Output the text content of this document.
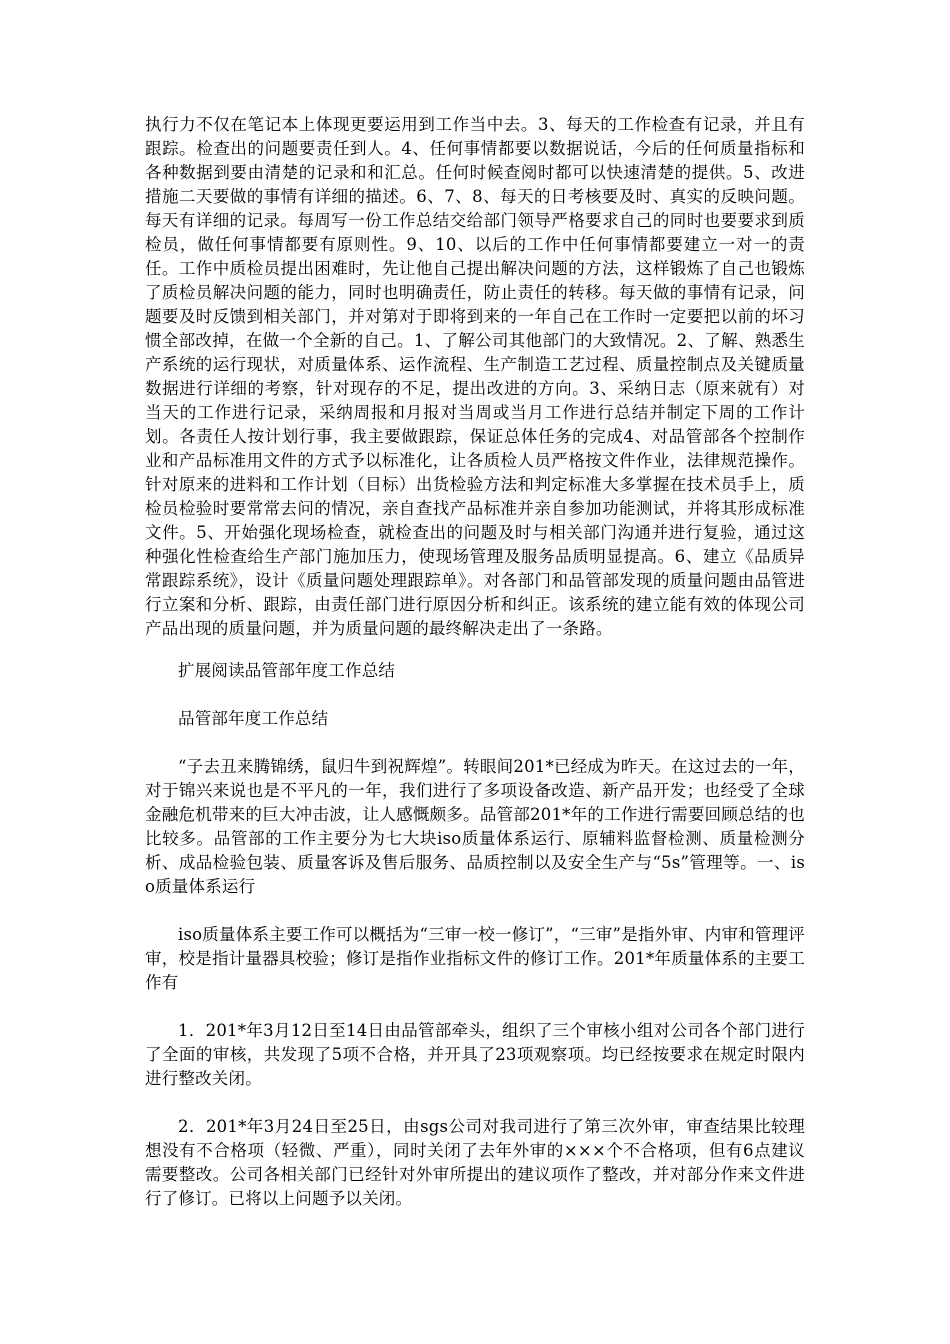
执行力不仅在笔记本上体现更要运用到工作当中去。3、每天的工作检查有记录，并且有跟踪。检查出的问题要责任到人。4、任何事情都要以数据说话，今后的任何质量指标和各种数据到要由清楚的记录和和汇总。任何时候查阅时都可以快速清楚的提供。5、改进措施二天要做的事情有详细的描述。6、7、8、每天的日考核要及时、真实的反映问题。每天有详细的记录。每周写一份工作总结交给部门领导严格要求自己的同时也要要求到质检员，做任何事情都要有原则性。9、10、以后的工作中任何事情都要建立一对一的责任。工作中质检员提出困难时，先让他自己提出解决问题的方法，这样锻炼了自己也锻炼了质检员解决问题的能力，同时也明确责任，防止责任的转移。每天做的事情有记录，问题要及时反馈到相关部门，并对第对于即将到来的一年自己在工作时一定要把以前的坏习惯全部改掉，在做一个全新的自己。1、了解公司其他部门的大致情况。2、了解、熟悉生产系统的运行现状，对质量体系、运作流程、生产制造工艺过程、质量控制点及关键质量数据进行详细的考察，针对现存的不足，提出改进的方向。3、采纳日志（原来就有）对当天的工作进行记录，采纳周报和月报对当周或当月工作进行总结并制定下周的工作计划。各责任人按计划行事，我主要做跟踪，保证总体任务的完成4、对品管部各个控制作业和产品标准用文件的方式予以标准化，让各质检人员严格按文件作业，法律规范操作。针对原来的进料和工作计划（目标）出货检验方法和判定标准大多掌握在技术员手上，质检员检验时要常常去问的情况，亲自查找产品标准并亲自参加功能测试，并将其形成标准文件。5、开始强化现场检查，就检查出的问题及时与相关部门沟通并进行复验，通过这种强化性检查给生产部门施加压力，使现场管理及服务品质明显提高。6、建立《品质异常跟踪系统》，设计《质量问题处理跟踪单》。对各部门和品管部发现的质量问题由品管进行立案和分析、跟踪，由责任部门进行原因分析和纠正。该系统的建立能有效的体现公司产品出现的质量问题，并为质量问题的最终解决走出了一条路。

扩展阅读品管部年度工作总结

品管部年度工作总结

“子去丑来腾锦绣，鼠归牛到祝辉煌”。转眼间201*已经成为昨天。在这过去的一年，对于锦兴来说也是不平凡的一年，我们进行了多项设备改造、新产品开发；也经受了全球金融危机带来的巨大冲击波，让人感慨颇多。品管部201*年的工作进行需要回顾总结的也比较多。品管部的工作主要分为七大块iso质量体系运行、原辅料监督检测、质量检测分析、成品检验包装、质量客诉及售后服务、品质控制以及安全生产与“5s”管理等。一、iso质量体系运行

iso质量体系主要工作可以概括为“三审一校一修订”，“三审”是指外审、内审和管理评审，校是指计量器具校验；修订是指作业指标文件的修订工作。201*年质量体系的主要工作有

1．201*年3月12日至14日由品管部牵头，组织了三个审核小组对公司各个部门进行了全面的审核，共发现了5项不合格，并开具了23项观察项。均已经按要求在规定时限内进行整改关闭。

2．201*年3月24日至25日，由sgs公司对我司进行了第三次外审，审查结果比较理想没有不合格项（轻微、严重），同时关闭了去年外审的×××个不合格项，但有6点建议需要整改。公司各相关部门已经针对外审所提出的建议项作了整改，并对部分作来文件进行了修订。已将以上问题予以关闭。
